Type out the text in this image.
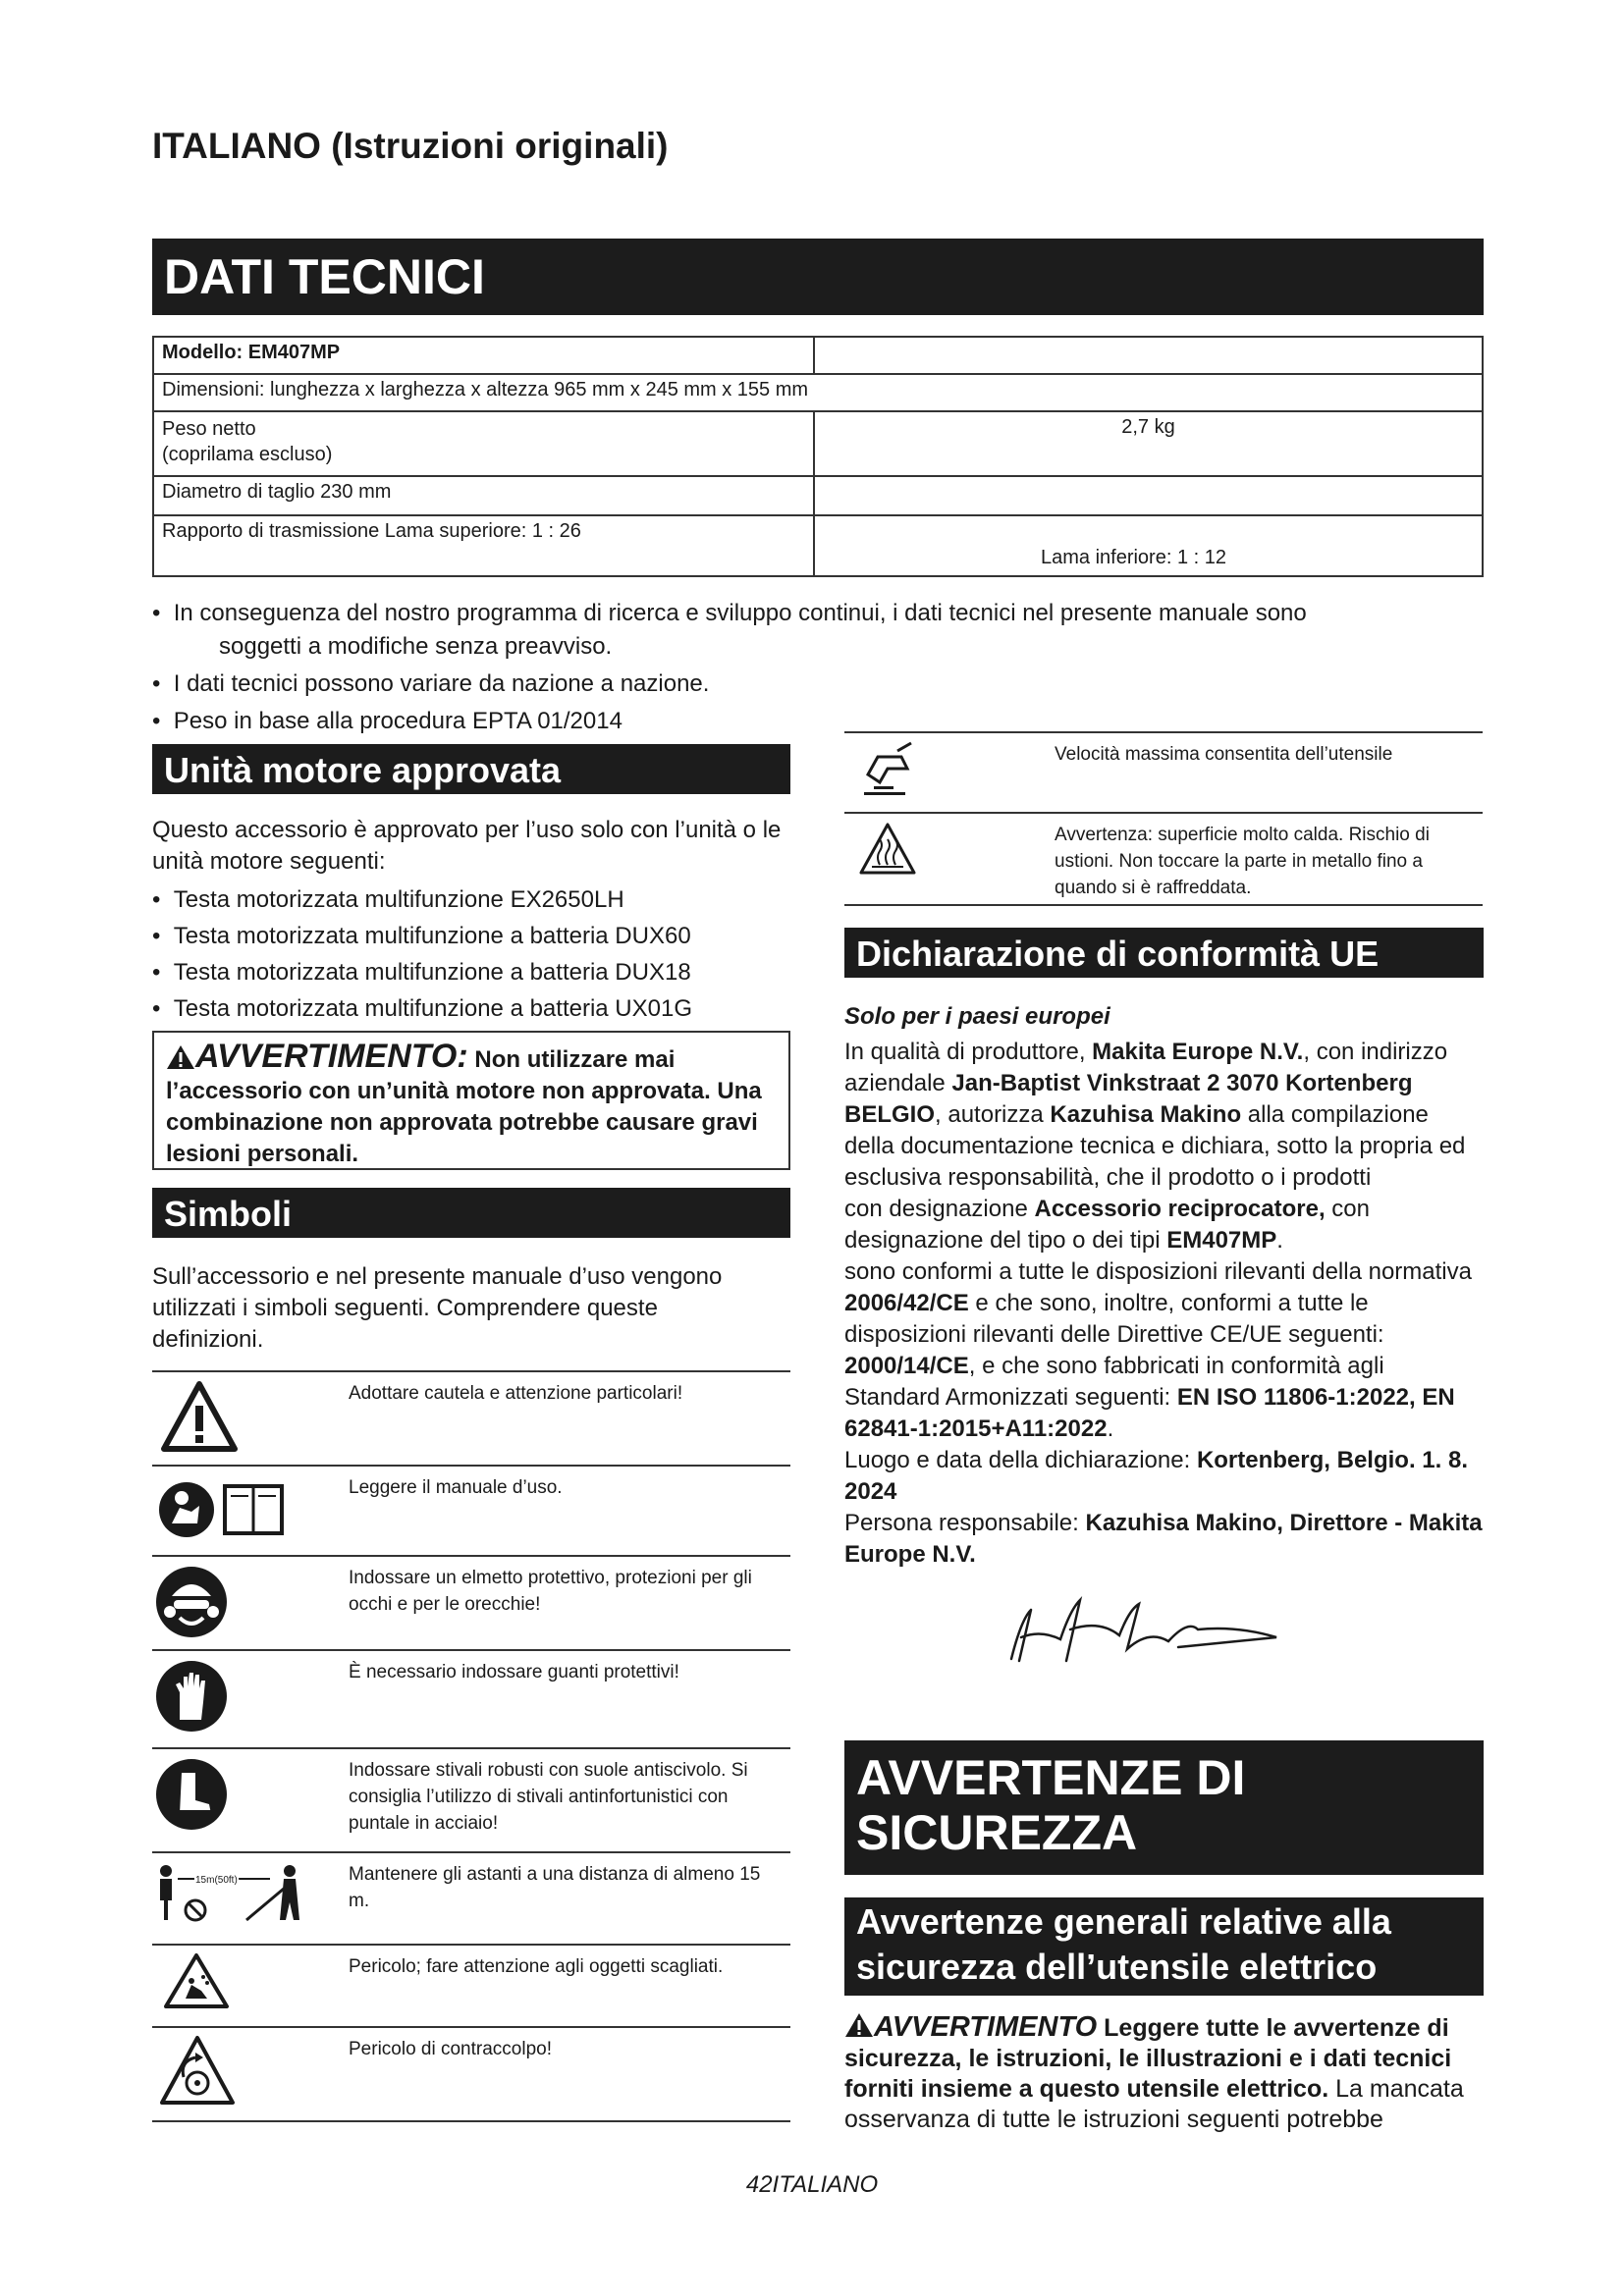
ITALIANO (Istruzioni originali)
DATI TECNICI
Modello: EM407MP	
Dimensioni: lunghezza x larghezza x altezza 965 mm x 245 mm x 155 mm	
Peso netto
(coprilama escluso)	2,7 kg
Diametro di taglio 230 mm	
Rapporto di trasmissione Lama superiore: 1 : 26	Lama inferiore: 1 : 12
•  In conseguenza del nostro programma di ricerca e sviluppo continui, i dati tecnici nel presente manuale sono
soggetti a modifiche senza preavviso.
•  I dati tecnici possono variare da nazione a nazione.
•  Peso in base alla procedura EPTA 01/2014
Unità motore approvata
Questo accessorio è approvato per l’uso solo con l’unità o le unità motore seguenti:
•  Testa motorizzata multifunzione EX2650LH
•  Testa motorizzata multifunzione a batteria DUX60
•  Testa motorizzata multifunzione a batteria DUX18
•  Testa motorizzata multifunzione a batteria UX01G
AVVERTIMENTO: Non utilizzare mai l’accessorio con un’unità motore non approvata. Una combinazione non approvata potrebbe causare gravi lesioni personali.
Simboli
Sull’accessorio e nel presente manuale d’uso vengono utilizzati i simboli seguenti. Comprendere queste definizioni.
	Adottare cautela e attenzione particolari!
	Leggere il manuale d’uso.
	Indossare un elmetto protettivo, protezioni per gli occhi e per le orecchie!
	È necessario indossare guanti protettivi!
	Indossare stivali robusti con suole antiscivolo. Si consiglia l’utilizzo di stivali antinfortunistici con puntale in acciaio!

15m(50ft)	Mantenere gli astanti a una distanza di almeno 15 m.
	Pericolo; fare attenzione agli oggetti scagliati.
	Pericolo di contraccolpo!
	Velocità massima consentita dell’utensile
	Avvertenza: superficie molto calda. Rischio di ustioni. Non toccare la parte in metallo fino a quando si è raffreddata.
Dichiarazione di conformità UE
Solo per i paesi europei
In qualità di produttore, Makita Europe N.V., con indirizzo aziendale Jan-Baptist Vinkstraat 2 3070 Kortenberg BELGIO, autorizza Kazuhisa Makino alla compilazione della documentazione tecnica e dichiara, sotto la propria ed esclusiva responsabilità, che il prodotto o i prodotti
con designazione Accessorio reciprocatore, con designazione del tipo o dei tipi EM407MP.
sono conformi a tutte le disposizioni rilevanti della normativa 2006/42/CE e che sono, inoltre, conformi a tutte le disposizioni rilevanti delle Direttive CE/UE seguenti: 2000/14/CE, e che sono fabbricati in conformità agli Standard Armonizzati seguenti: EN ISO 11806-1:2022, EN 62841-1:2015+A11:2022.
Luogo e data della dichiarazione: Kortenberg, Belgio. 1. 8. 2024
Persona responsabile: Kazuhisa Makino, Direttore - Makita Europe N.V.
AVVERTENZE DI SICUREZZA
Avvertenze generali relative alla sicurezza dell’utensile elettrico
AVVERTIMENTO Leggere tutte le avvertenze di sicurezza, le istruzioni, le illustrazioni e i dati tecnici forniti insieme a questo utensile elettrico. La mancata osservanza di tutte le istruzioni seguenti potrebbe
42ITALIANO
